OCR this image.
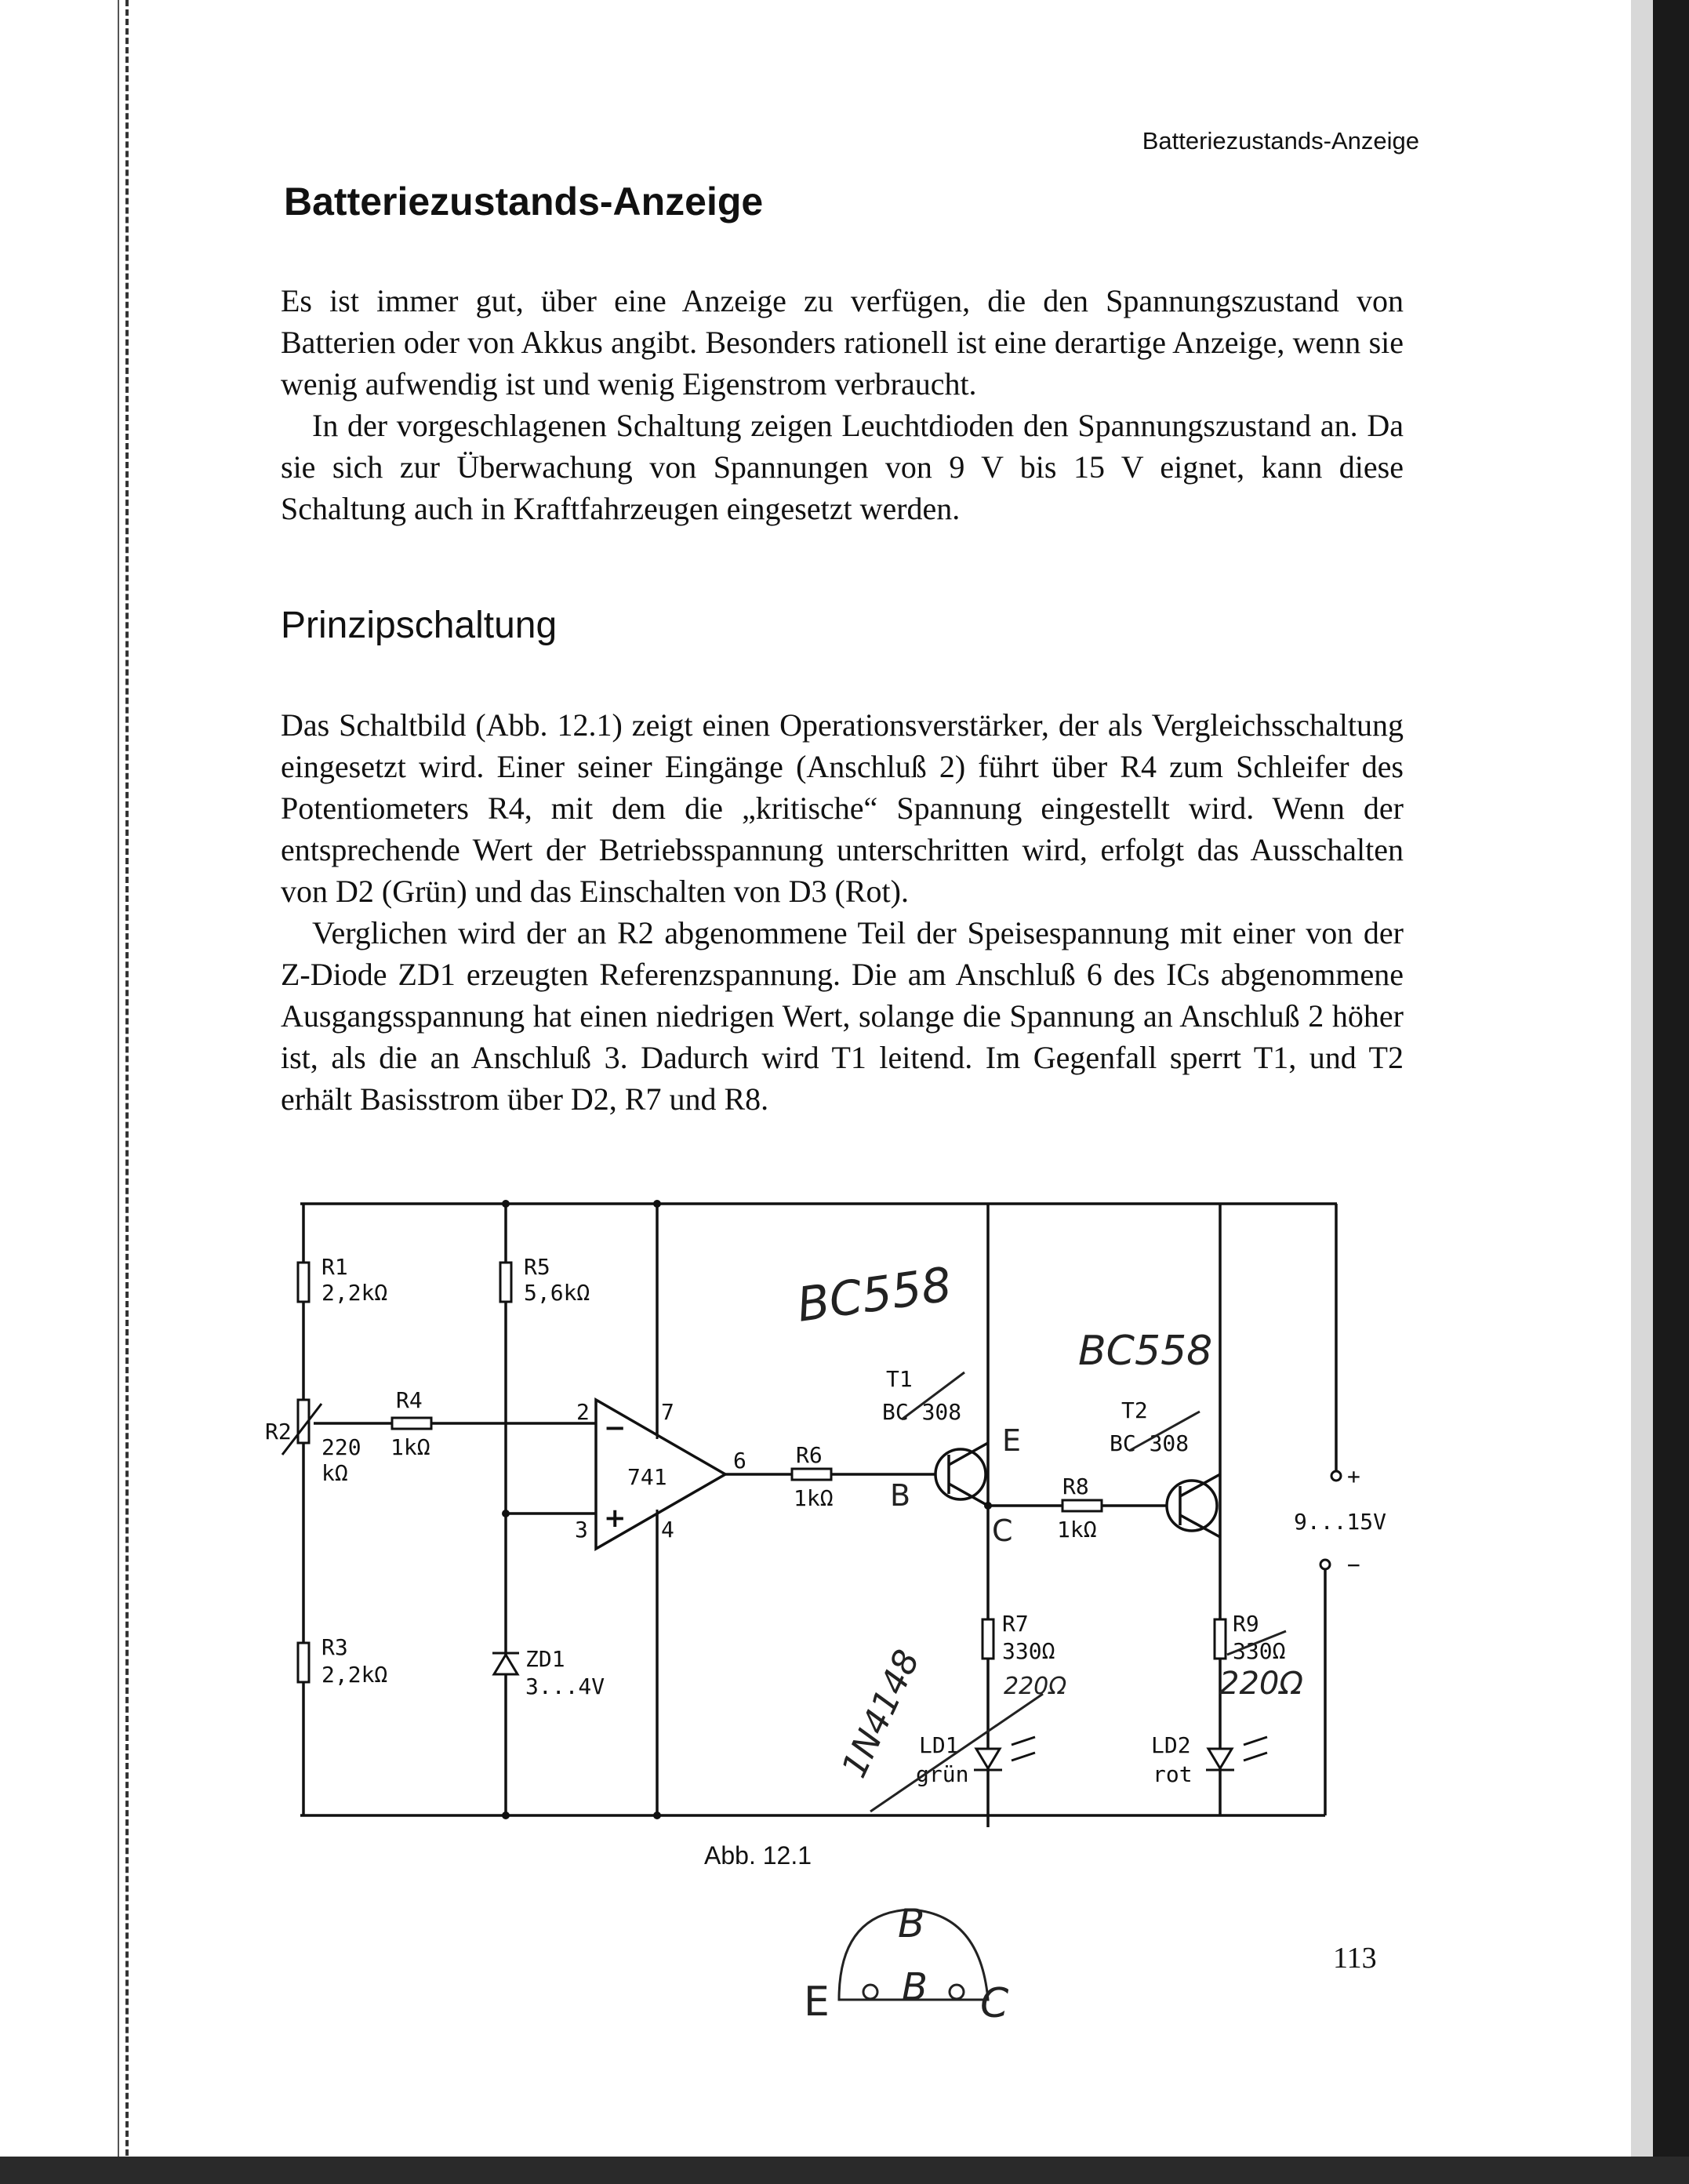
Batteriezustands-Anzeige
Batteriezustands-Anzeige

Es ist immer gut, über eine Anzeige zu verfügen, die den Spannungszustand von Batterien oder von Akkus angibt. Besonders rationell ist eine derartige Anzeige, wenn sie wenig aufwendig ist und wenig Eigenstrom verbraucht.

In der vorgeschlagenen Schaltung zeigen Leuchtdioden den Spannungszustand an. Da sie sich zur Überwachung von Spannungen von 9 V bis 15 V eignet, kann diese Schaltung auch in Kraftfahrzeugen eingesetzt werden.

Prinzipschaltung

Das Schaltbild (Abb. 12.1) zeigt einen Operationsverstärker, der als Vergleichsschaltung eingesetzt wird. Einer seiner Eingänge (Anschluß 2) führt über R4 zum Schleifer des Potentiometers R4, mit dem die „kritische“ Spannung eingestellt wird. Wenn der entsprechende Wert der Betriebsspannung unterschritten wird, erfolgt das Ausschalten von D2 (Grün) und das Einschalten von D3 (Rot).

Verglichen wird der an R2 abgenommene Teil der Speisespannung mit einer von der Z-Diode ZD1 erzeugten Referenzspannung. Die am Anschluß 6 des ICs abgenommene Ausgangsspannung hat einen niedrigen Wert, solange die Spannung an Anschluß 2 höher ist, als die an Anschluß 3. Dadurch wird T1 leitend. Im Gegenfall sperrt T1, und T2 erhält Basisstrom über D2, R7 und R8.

R1
2,2kΩ
R5
5,6kΩ
R2
220
kΩ
R4
1kΩ
R3
2,2kΩ
2
3	4
7
6
−
+
741
ZD1
3...4V
R6
1kΩ
T1
BC 308	T2
BC 308
R8
1kΩ
R7
330Ω
R9
330Ω
LD1
grün
LD2
rot
+
−
9...15V
BC558
BC558
1N4148	220Ω	220Ω
E
B
C
Abb. 12.1
113
B
B
E	C
